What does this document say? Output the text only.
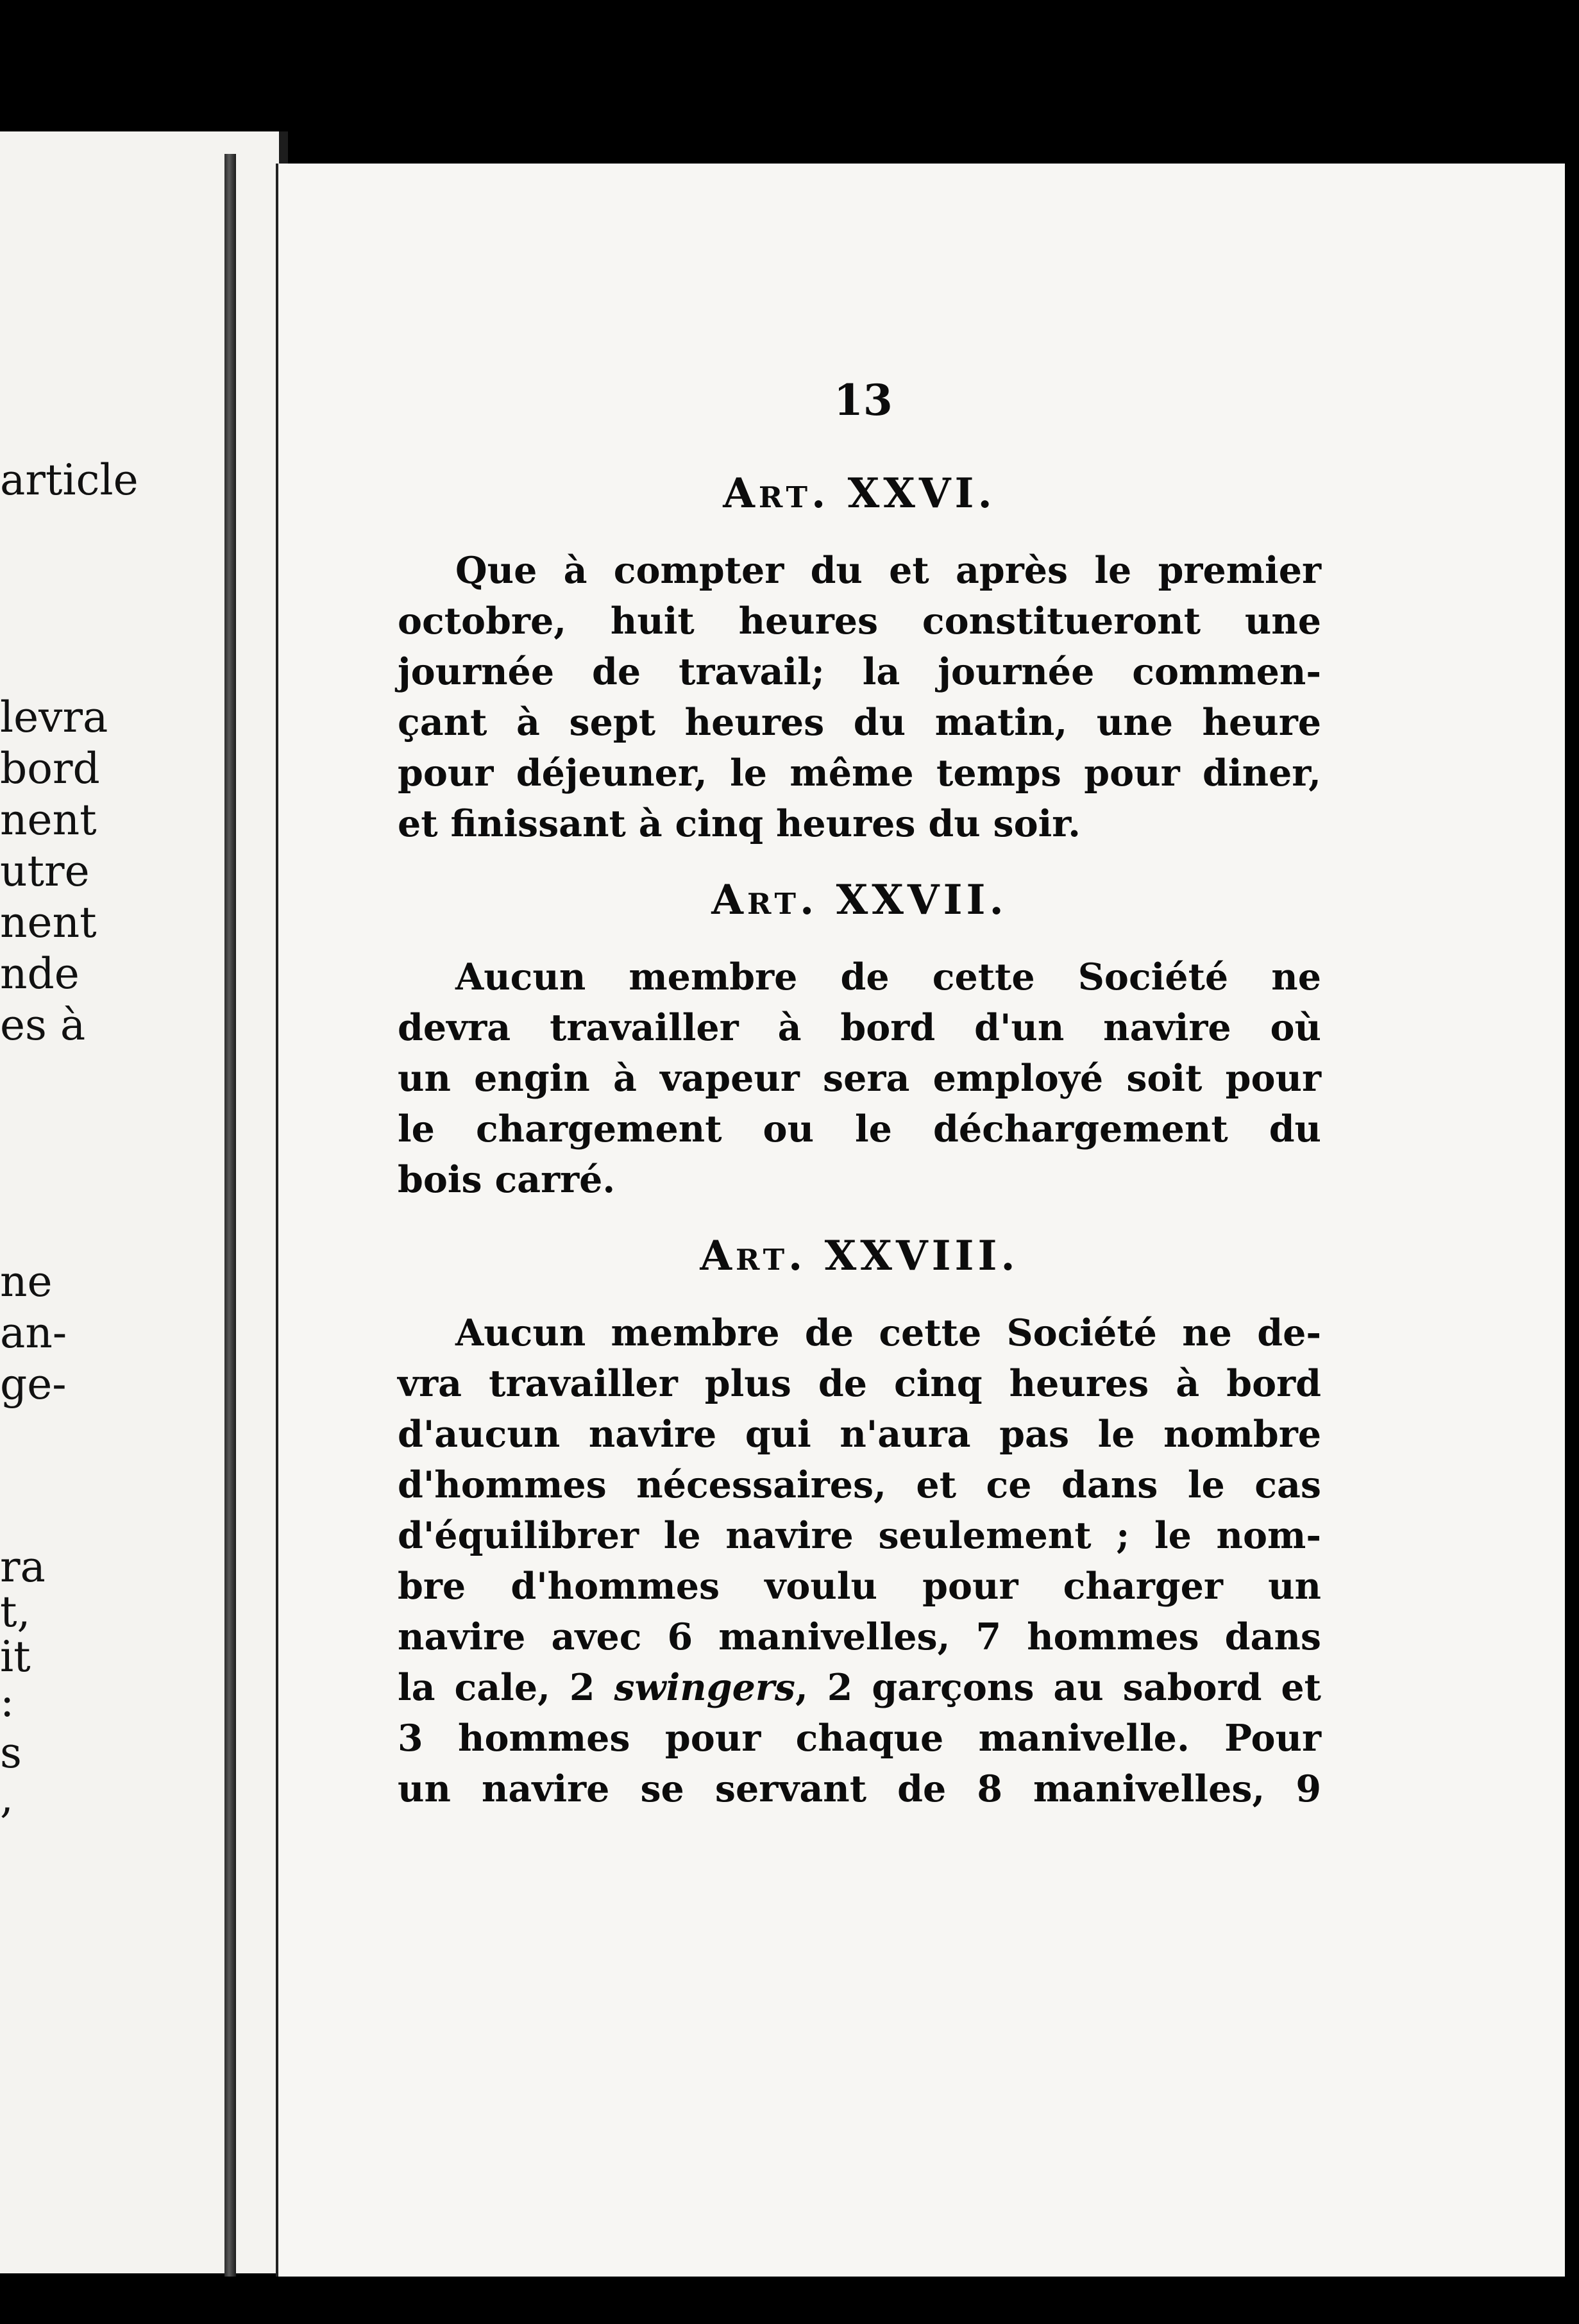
article
levra
bord
nent
utre
nent
nde
es à
ne
an-
ge-
ra
t,
it
:
s
,
13
Art. XXVI.
Que à compter du et après le premier
octobre, huit heures constitueront une
journée de travail; la journée commen-
çant à sept heures du matin, une heure
pour déjeuner, le même temps pour diner,
et finissant à cinq heures du soir.
Art. XXVII.
Aucun membre de cette Société ne
devra travailler à bord d'un navire où
un engin à vapeur sera employé soit pour
le chargement ou le déchargement du
bois carré.
Art. XXVIII.
Aucun membre de cette Société ne de-
vra travailler plus de cinq heures à bord
d'aucun navire qui n'aura pas le nombre
d'hommes nécessaires, et ce dans le cas
d'équilibrer le navire seulement ; le nom-
bre d'hommes voulu pour charger un
navire avec 6 manivelles, 7 hommes dans
la cale, 2 swingers, 2 garçons au sabord et
3 hommes pour chaque manivelle. Pour
un navire se servant de 8 manivelles, 9
